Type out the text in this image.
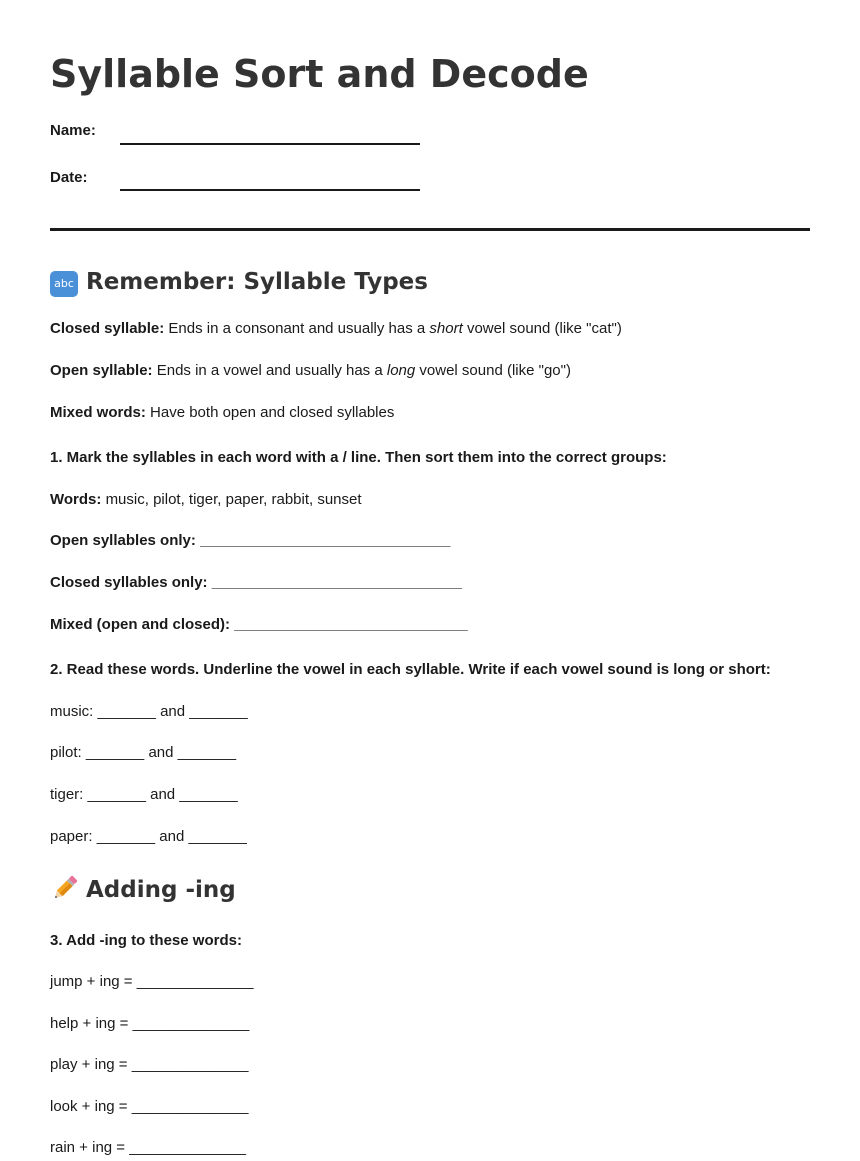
Syllable Sort and Decode
Name:
Date:
abc Remember: Syllable Types

Closed syllable: Ends in a consonant and usually has a short vowel sound (like "cat")

Open syllable: Ends in a vowel and usually has a long vowel sound (like "go")

Mixed words: Have both open and closed syllables

1. Mark the syllables in each word with a / line. Then sort them into the correct groups:

Words: music, pilot, tiger, paper, rabbit, sunset

Open syllables only: ______________________________

Closed syllables only: ______________________________

Mixed (open and closed): ____________________________

2. Read these words. Underline the vowel in each syllable. Write if each vowel sound is long or short:

music: _______ and _______

pilot: _______ and _______

tiger: _______ and _______

paper: _______ and _______

Adding -ing

3. Add -ing to these words:

jump + ing = ______________

help + ing = ______________

play + ing = ______________

look + ing = ______________

rain + ing = ______________
